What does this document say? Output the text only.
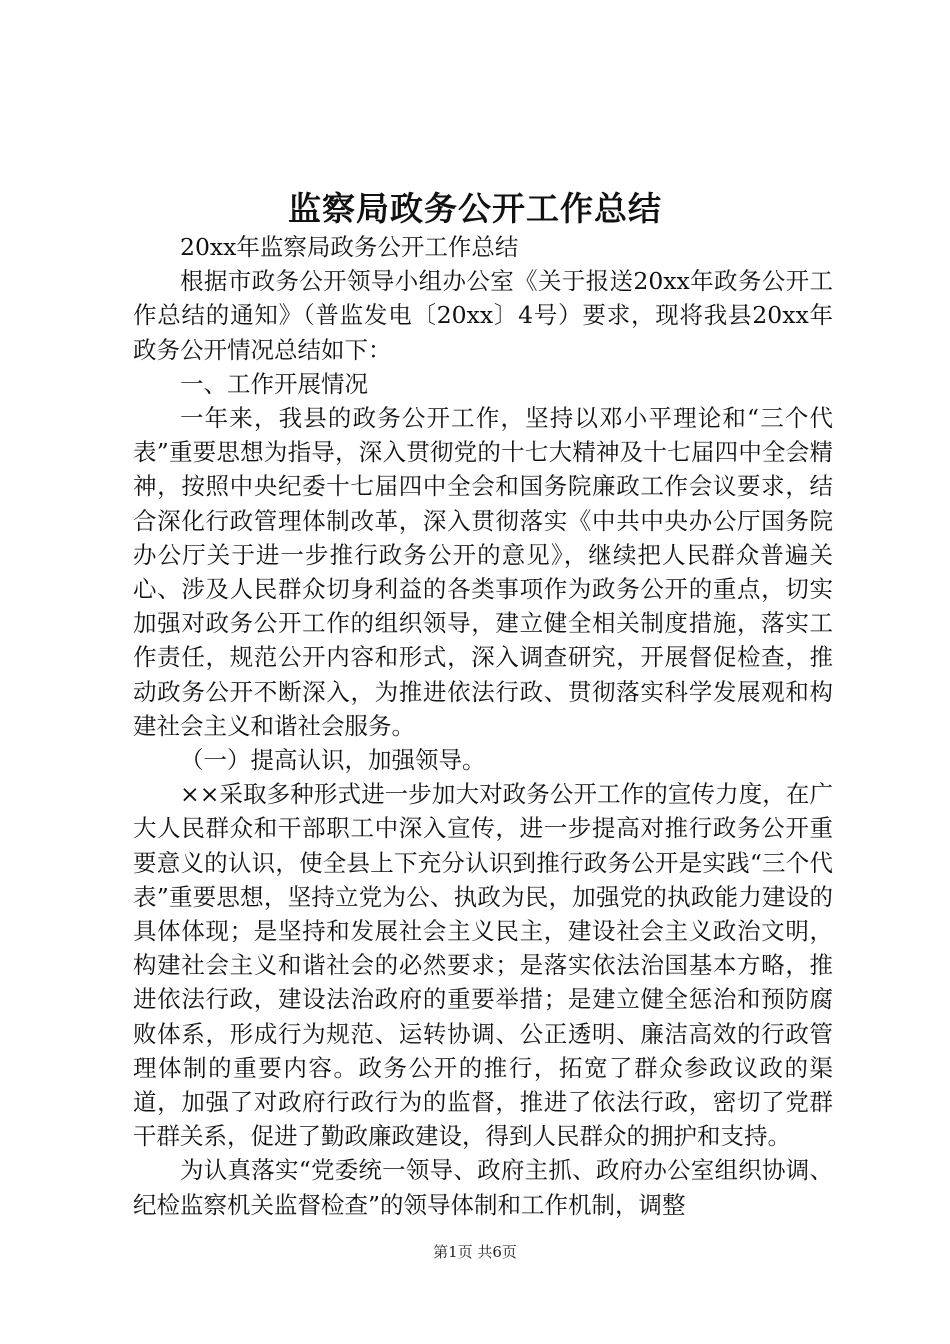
监察局政务公开工作总结

20xx年监察局政务公开工作总结

根据市政务公开领导小组办公室《关于报送20xx年政务公开工作总结的通知》（普监发电〔20xx〕4号）要求，现将我县20xx年政务公开情况总结如下：

一、工作开展情况

一年来，我县的政务公开工作，坚持以邓小平理论和“三个代表”重要思想为指导，深入贯彻党的十七大精神及十七届四中全会精神，按照中央纪委十七届四中全会和国务院廉政工作会议要求，结合深化行政管理体制改革，深入贯彻落实《中共中央办公厅国务院办公厅关于进一步推行政务公开的意见》，继续把人民群众普遍关心、涉及人民群众切身利益的各类事项作为政务公开的重点，切实加强对政务公开工作的组织领导，建立健全相关制度措施，落实工作责任，规范公开内容和形式，深入调查研究，开展督促检查，推动政务公开不断深入，为推进依法行政、贯彻落实科学发展观和构建社会主义和谐社会服务。

（一）提高认识，加强领导。

××采取多种形式进一步加大对政务公开工作的宣传力度，在广大人民群众和干部职工中深入宣传，进一步提高对推行政务公开重要意义的认识，使全县上下充分认识到推行政务公开是实践“三个代表”重要思想，坚持立党为公、执政为民，加强党的执政能力建设的具体体现；是坚持和发展社会主义民主，建设社会主义政治文明，构建社会主义和谐社会的必然要求；是落实依法治国基本方略，推进依法行政，建设法治政府的重要举措；是建立健全惩治和预防腐败体系，形成行为规范、运转协调、公正透明、廉洁高效的行政管理体制的重要内容。政务公开的推行，拓宽了群众参政议政的渠道，加强了对政府行政行为的监督，推进了依法行政，密切了党群干群关系，促进了勤政廉政建设，得到人民群众的拥护和支持。

为认真落实“党委统一领导、政府主抓、政府办公室组织协调、纪检监察机关监督检查”的领导体制和工作机制，调整

第1页 共6页
